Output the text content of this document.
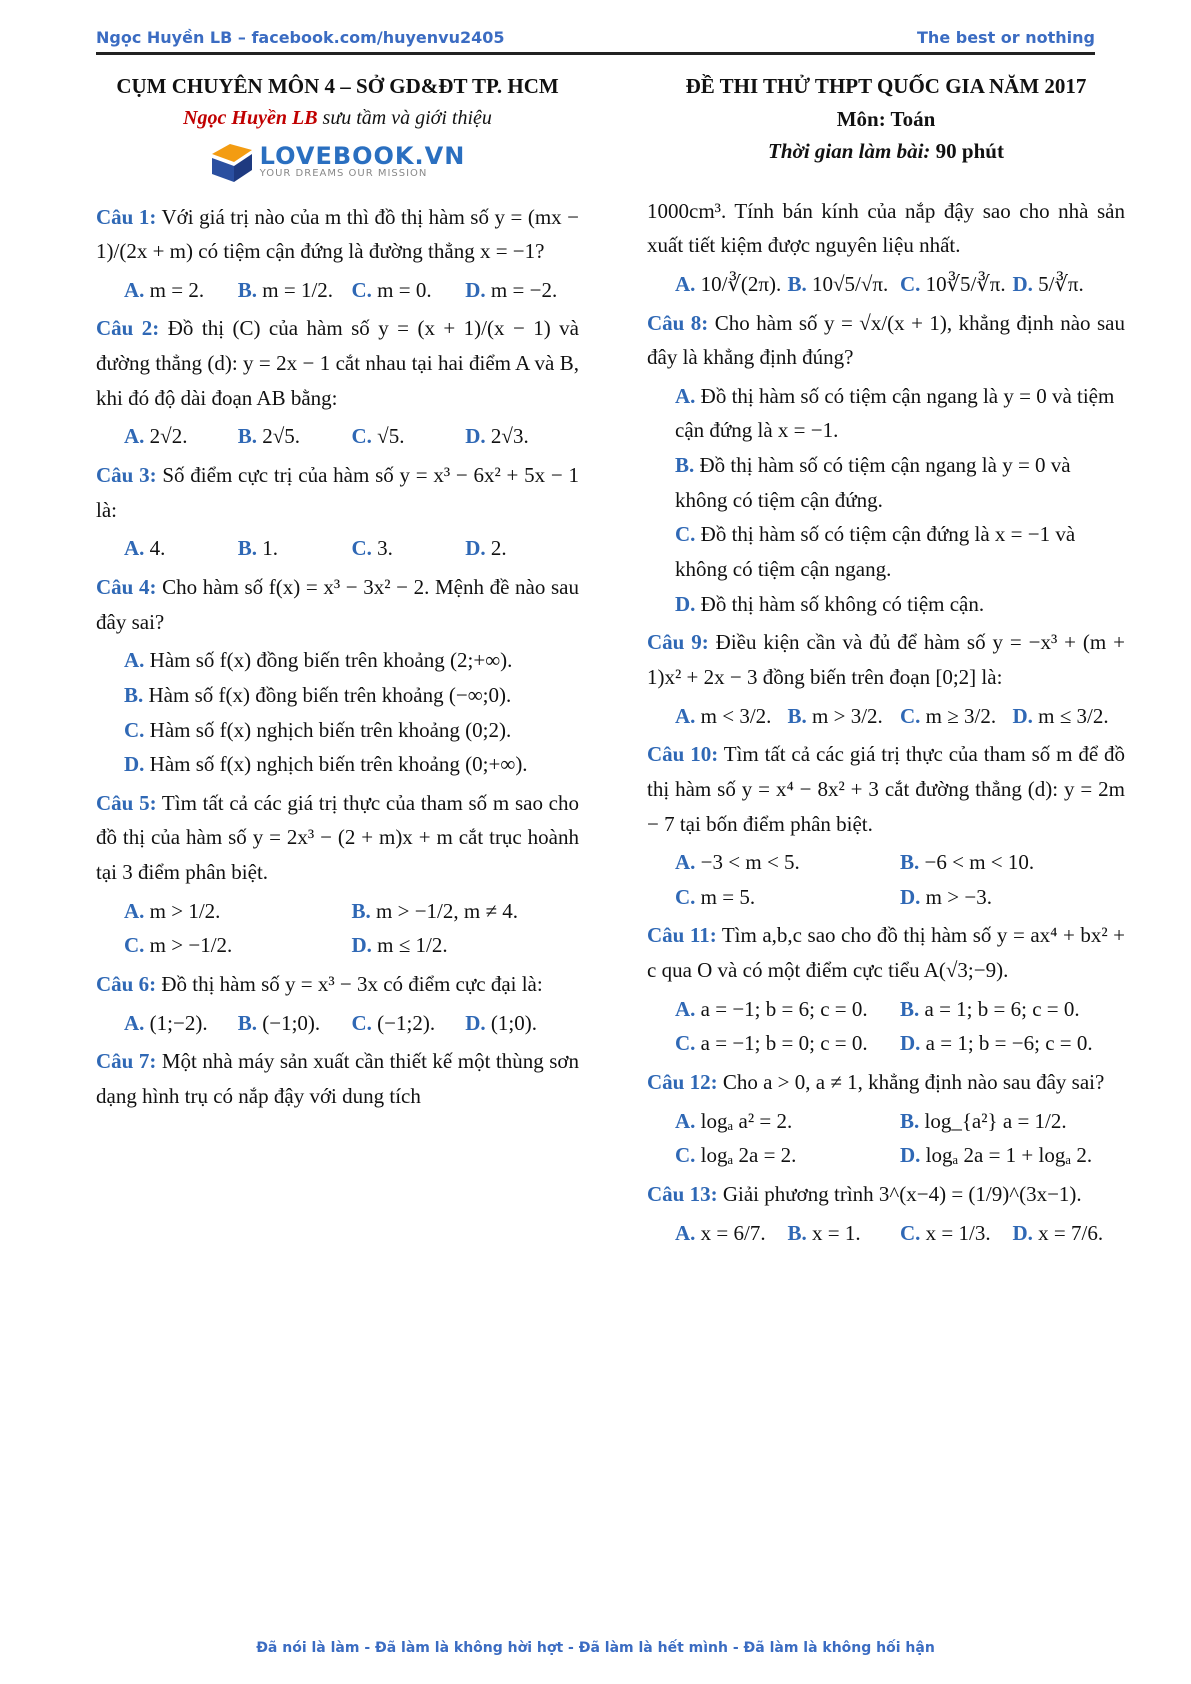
Ngọc Huyền LB – facebook.com/huyenvu2405	The best or nothing
CỤM CHUYÊN MÔN 4 – SỞ GD&ĐT TP. HCM
Ngọc Huyền LB sưu tầm và giới thiệu
LOVEBOOK.VN
YOUR DREAMS OUR MISSION
Câu 1: Với giá trị nào của m thì đồ thị hàm số y = (mx − 1)/(2x + m) có tiệm cận đứng là đường thẳng x = −1?
A. m = 2.	B. m = 1/2. C. m = 0.	D. m = −2.
Câu 2: Đồ thị (C) của hàm số y = (x + 1)/(x − 1) và đường thẳng (d): y = 2x − 1 cắt nhau tại hai điểm A và B, khi đó độ dài đoạn AB bằng:
A. 2√2.	B. 2√5.	C. √5.	D. 2√3.
Câu 3: Số điểm cực trị của hàm số y = x³ − 6x² + 5x − 1 là:
A. 4.	B. 1.	C. 3.	D. 2.
Câu 4: Cho hàm số f(x) = x³ − 3x² − 2. Mệnh đề nào sau đây sai?
A. Hàm số f(x) đồng biến trên khoảng (2;+∞).
B. Hàm số f(x) đồng biến trên khoảng (−∞;0).
C. Hàm số f(x) nghịch biến trên khoảng (0;2).
D. Hàm số f(x) nghịch biến trên khoảng (0;+∞).
Câu 5: Tìm tất cả các giá trị thực của tham số m sao cho đồ thị của hàm số y = 2x³ − (2 + m)x + m cắt trục hoành tại 3 điểm phân biệt.
A. m > 1/2.	B. m > −1/2, m ≠ 4.
C. m > −1/2.	D. m ≤ 1/2.
Câu 6: Đồ thị hàm số y = x³ − 3x có điểm cực đại là:
A. (1;−2).	B. (−1;0).	C. (−1;2).	D. (1;0).
Câu 7: Một nhà máy sản xuất cần thiết kế một thùng sơn dạng hình trụ có nắp đậy với dung tích
ĐỀ THI THỬ THPT QUỐC GIA NĂM 2017
Môn: Toán
Thời gian làm bài: 90 phút
1000cm³. Tính bán kính của nắp đậy sao cho nhà sản xuất tiết kiệm được nguyên liệu nhất.
A. 10/∛(2π). B. 10√5/√π. C. 10∛5/∛π. D. 5/∛π.
Câu 8: Cho hàm số y = √x/(x + 1), khẳng định nào sau đây là khẳng định đúng?
A. Đồ thị hàm số có tiệm cận ngang là y = 0 và tiệm cận đứng là x = −1.
B. Đồ thị hàm số có tiệm cận ngang là y = 0 và không có tiệm cận đứng.
C. Đồ thị hàm số có tiệm cận đứng là x = −1 và không có tiệm cận ngang.
D. Đồ thị hàm số không có tiệm cận.
Câu 9: Điều kiện cần và đủ để hàm số y = −x³ + (m + 1)x² + 2x − 3 đồng biến trên đoạn [0;2] là:
A. m < 3/2. B. m > 3/2. C. m ≥ 3/2. D. m ≤ 3/2.
Câu 10: Tìm tất cả các giá trị thực của tham số m để đồ thị hàm số y = x⁴ − 8x² + 3 cắt đường thẳng (d): y = 2m − 7 tại bốn điểm phân biệt.
A. −3 < m < 5.	B. −6 < m < 10.
C. m = 5.	D. m > −3.
Câu 11: Tìm a,b,c sao cho đồ thị hàm số y = ax⁴ + bx² + c qua O và có một điểm cực tiểu A(√3;−9).
A. a = −1; b = 6; c = 0.	B. a = 1; b = 6; c = 0.
C. a = −1; b = 0; c = 0.	D. a = 1; b = −6; c = 0.
Câu 12: Cho a > 0, a ≠ 1, khẳng định nào sau đây sai?
A. logₐ a² = 2.	B. log_{a²} a = 1/2.
C. logₐ 2a = 2.	D. logₐ 2a = 1 + logₐ 2.
Câu 13: Giải phương trình 3^(x−4) = (1/9)^(3x−1).
A. x = 6/7.	B. x = 1.	C. x = 1/3.	D. x = 7/6.
Đã nói là làm - Đã làm là không hời hợt - Đã làm là hết mình - Đã làm là không hối hận
